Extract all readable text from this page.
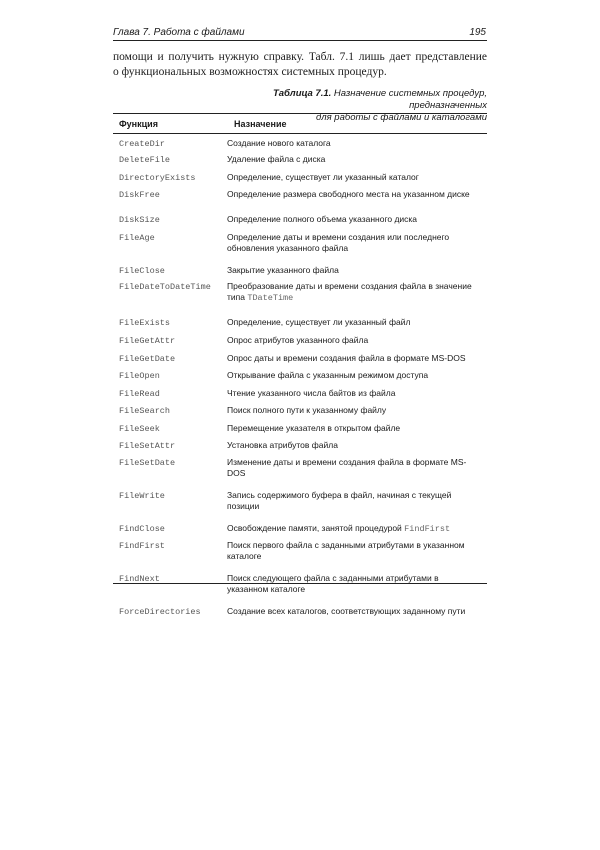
Глава 7. Работа с файлами	195

помощи и получить нужную справку. Табл. 7.1 лишь дает представление

о функциональных возможностях системных процедур.

Таблица 7.1. Назначение системных процедур, предназначенных
для работы с файлами и каталогами
Функция	Назначение
CreateDir	Создание нового каталога
DeleteFile	Удаление файла с диска
DirectoryExists	Определение, существует ли указанный каталог
DiskFree	Определение размера свободного места на указанном диске
DiskSize	Определение полного объема указанного диска
FileAge	Определение даты и времени создания или последнего обновления указанного файла
FileClose	Закрытие указанного файла
FileDateToDateTime	Преобразование даты и времени создания файла в значение типа TDateTime
FileExists	Определение, существует ли указанный файл
FileGetAttr	Опрос атрибутов указанного файла
FileGetDate	Опрос даты и времени создания файла в формате MS-DOS
FileOpen	Открывание файла с указанным режимом доступа
FileRead	Чтение указанного числа байтов из файла
FileSearch	Поиск полного пути к указанному файлу
FileSeek	Перемещение указателя в открытом файле
FileSetAttr	Установка атрибутов файла
FileSetDate	Изменение даты и времени создания файла в формате MS-DOS
FileWrite	Запись содержимого буфера в файл, начиная с текущей позиции
FindClose	Освобождение памяти, занятой процедурой FindFirst
FindFirst	Поиск первого файла с заданными атрибутами в указанном каталоге
FindNext	Поиск следующего файла с заданными атрибутами в указанном каталоге
ForceDirectories	Создание всех каталогов, соответствующих заданному пути
